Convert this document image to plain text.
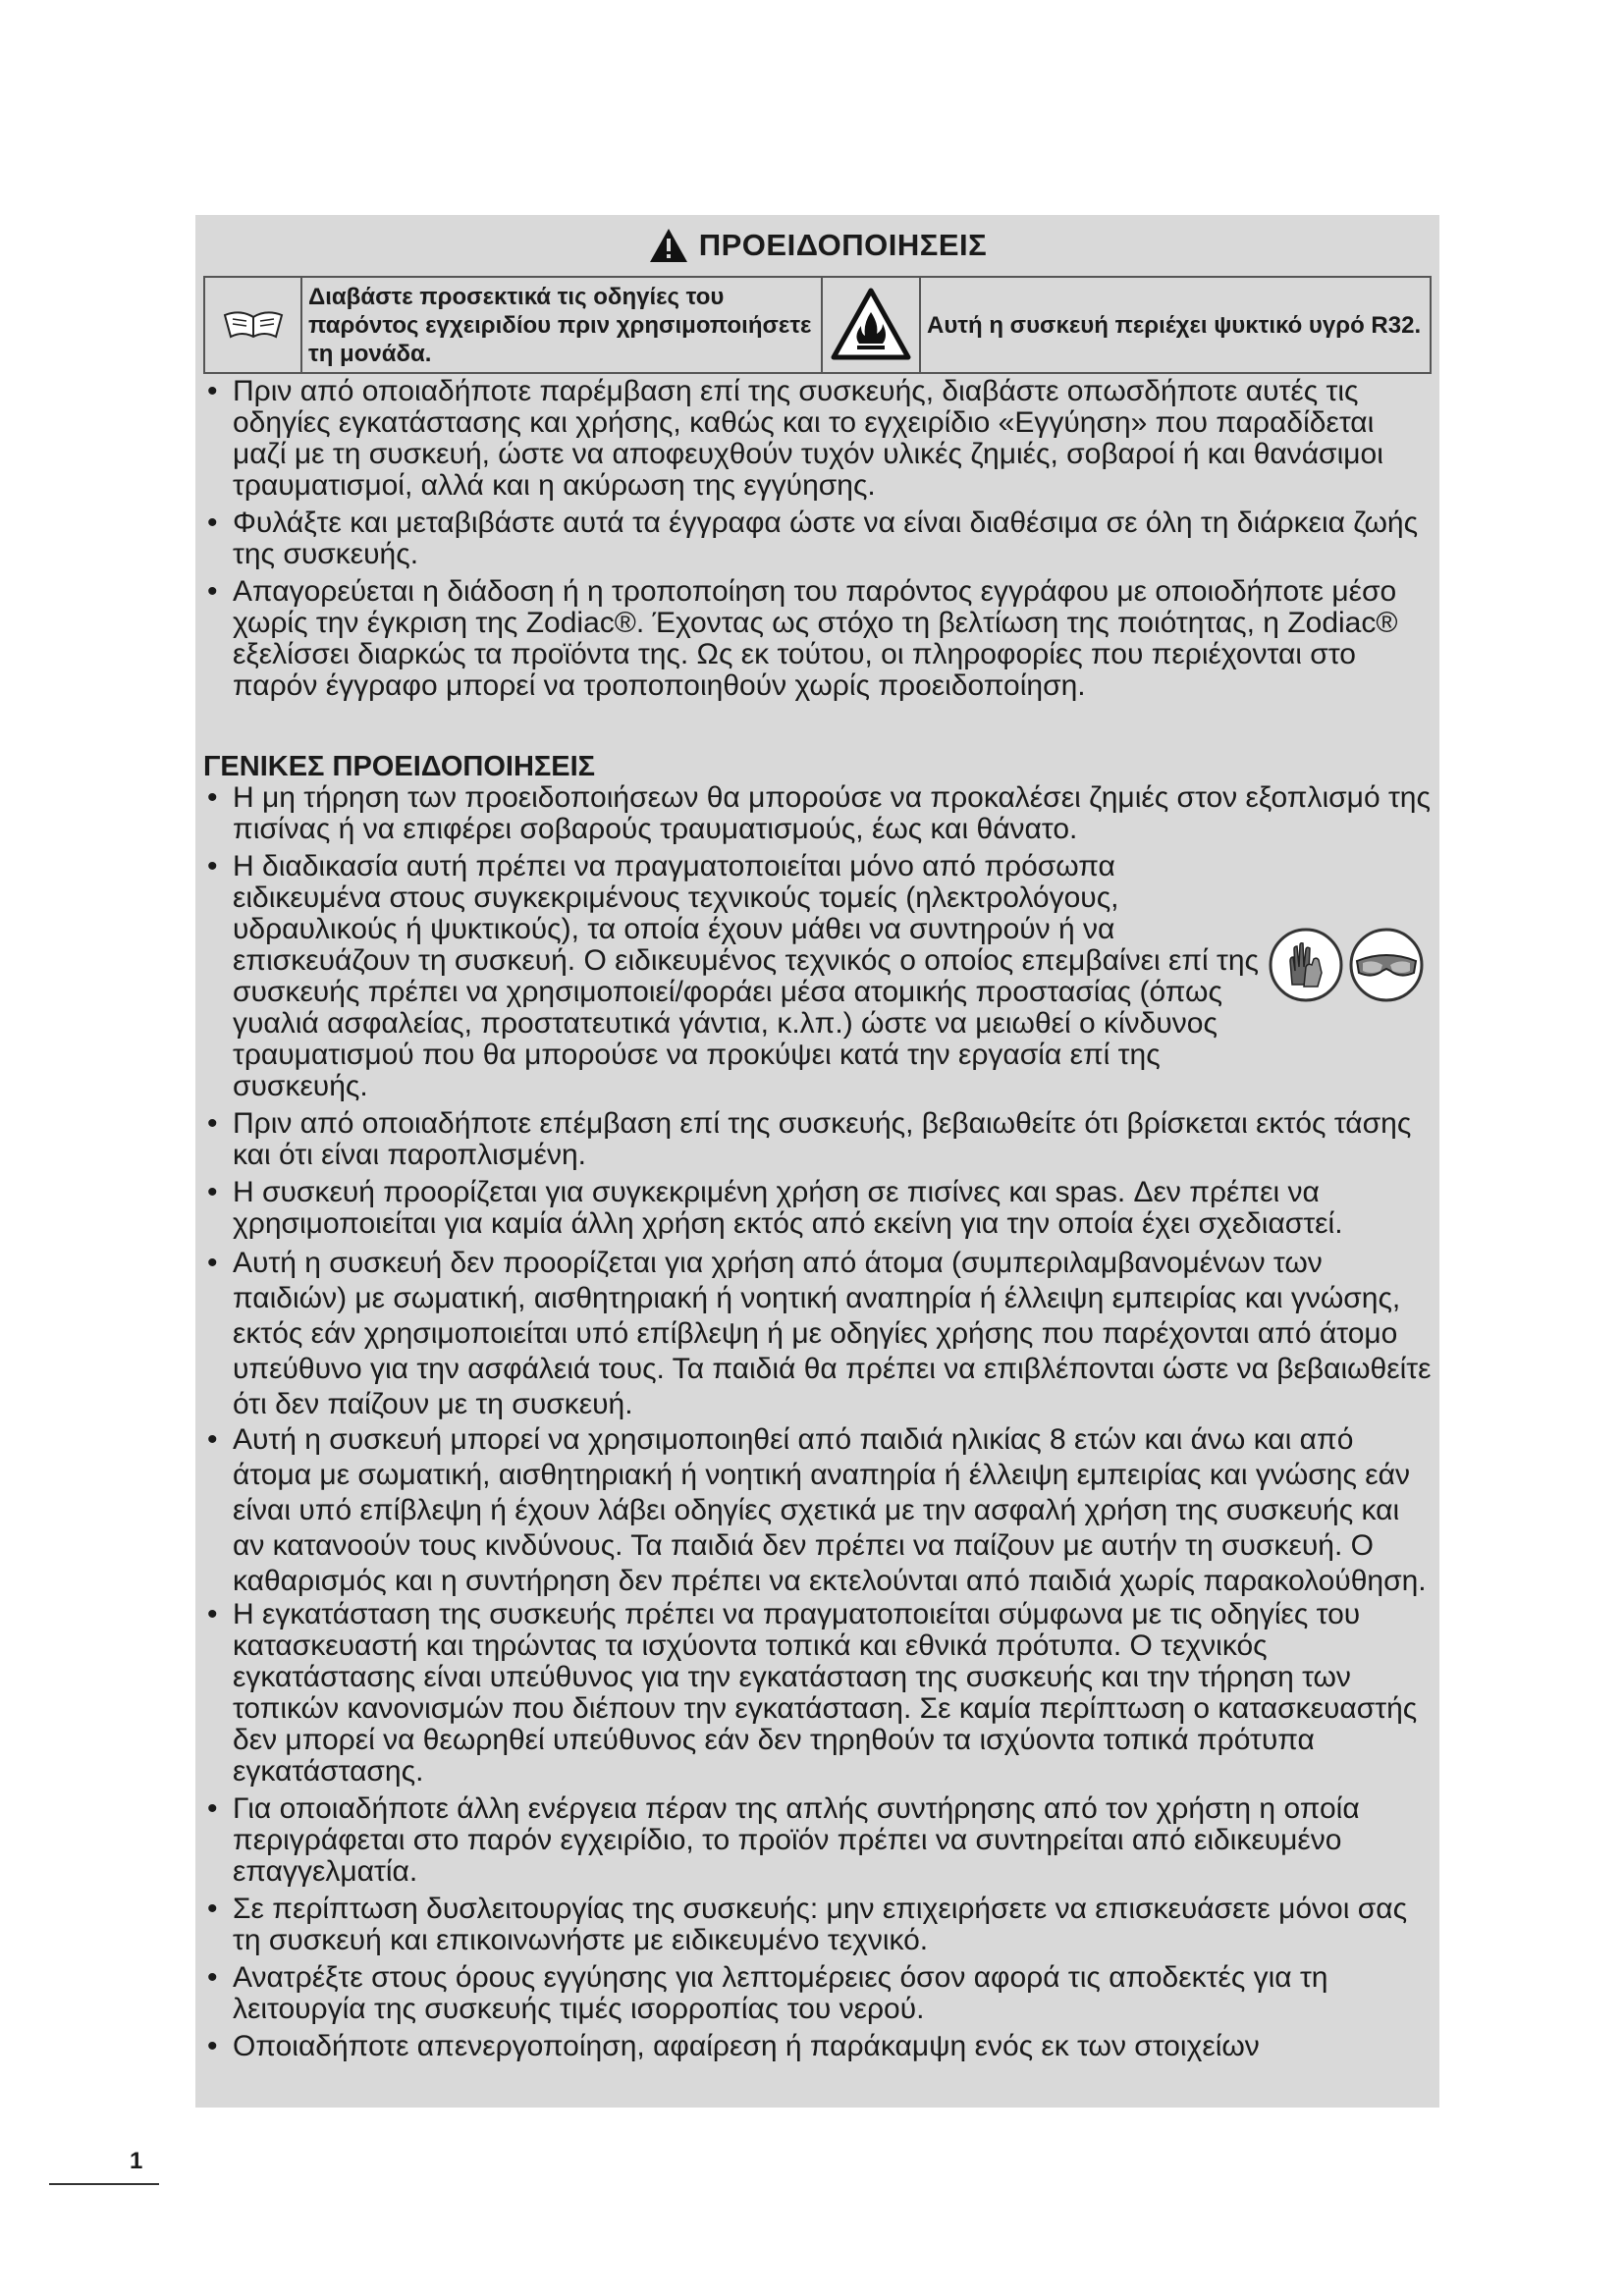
ΠΡΟΕΙΔΟΠΟΙΗΣΕΙΣ
Διαβάστε προσεκτικά τις οδηγίες του παρόντος εγχειριδίου πριν χρησιμοποιήσετε τη μονάδα.
Αυτή η συσκευή περιέχει ψυκτικό υγρό R32.
• Πριν από οποιαδήποτε παρέμβαση επί της συσκευής, διαβάστε οπωσδήποτε αυτές τις οδηγίες εγκατάστασης και χρήσης, καθώς και το εγχειρίδιο «Εγγύηση» που παραδίδεται μαζί με τη συσκευή, ώστε να αποφευχθούν τυχόν υλικές ζημιές, σοβαροί ή και θανάσιμοι τραυματισμοί, αλλά και η ακύρωση της εγγύησης.
• Φυλάξτε και μεταβιβάστε αυτά τα έγγραφα ώστε να είναι διαθέσιμα σε όλη τη διάρκεια ζωής της συσκευής.
• Απαγορεύεται η διάδοση ή η τροποποίηση του παρόντος εγγράφου με οποιοδήποτε μέσο χωρίς την έγκριση της Zodiac®. Έχοντας ως στόχο τη βελτίωση της ποιότητας, η Zodiac® εξελίσσει διαρκώς τα προϊόντα της. Ως εκ τούτου, οι πληροφορίες που περιέχονται στο παρόν έγγραφο μπορεί να τροποποιηθούν χωρίς προειδοποίηση.
ΓΕΝΙΚΕΣ ΠΡΟΕΙΔΟΠΟΙΗΣΕΙΣ
• Η μη τήρηση των προειδοποιήσεων θα μπορούσε να προκαλέσει ζημιές στον εξοπλισμό της πισίνας ή να επιφέρει σοβαρούς τραυματισμούς, έως και θάνατο.
• Η διαδικασία αυτή πρέπει να πραγματοποιείται μόνο από πρόσωπα ειδικευμένα στους συγκεκριμένους τεχνικούς τομείς (ηλεκτρολόγους, υδραυλικούς ή ψυκτικούς), τα οποία έχουν μάθει να συντηρούν ή να επισκευάζουν τη συσκευή. Ο ειδικευμένος τεχνικός ο οποίος επεμβαίνει επί της συσκευής πρέπει να χρησιμοποιεί/φοράει μέσα ατομικής προστασίας (όπως γυαλιά ασφαλείας, προστατευτικά γάντια, κ.λπ.) ώστε να μειωθεί ο κίνδυνος τραυματισμού που θα μπορούσε να προκύψει κατά την εργασία επί της συσκευής.
• Πριν από οποιαδήποτε επέμβαση επί της συσκευής, βεβαιωθείτε ότι βρίσκεται εκτός τάσης και ότι είναι παροπλισμένη.
• Η συσκευή προορίζεται για συγκεκριμένη χρήση σε πισίνες και spas. Δεν πρέπει να χρησιμοποιείται για καμία άλλη χρήση εκτός από εκείνη για την οποία έχει σχεδιαστεί.
• Αυτή η συσκευή δεν προορίζεται για χρήση από άτομα (συμπεριλαμβανομένων των παιδιών) με σωματική, αισθητηριακή ή νοητική αναπηρία ή έλλειψη εμπειρίας και γνώσης, εκτός εάν χρησιμοποιείται υπό επίβλεψη ή με οδηγίες χρήσης που παρέχονται από άτομο υπεύθυνο για την ασφάλειά τους. Τα παιδιά θα πρέπει να επιβλέπονται ώστε να βεβαιωθείτε ότι δεν παίζουν με τη συσκευή.
• Αυτή η συσκευή μπορεί να χρησιμοποιηθεί από παιδιά ηλικίας 8 ετών και άνω και από άτομα με σωματική, αισθητηριακή ή νοητική αναπηρία ή έλλειψη εμπειρίας και γνώσης εάν είναι υπό επίβλεψη ή έχουν λάβει οδηγίες σχετικά με την ασφαλή χρήση της συσκευής και αν κατανοούν τους κινδύνους. Τα παιδιά δεν πρέπει να παίζουν με αυτήν τη συσκευή. Ο καθαρισμός και η συντήρηση δεν πρέπει να εκτελούνται από παιδιά χωρίς παρακολούθηση.
• Η εγκατάσταση της συσκευής πρέπει να πραγματοποιείται σύμφωνα με τις οδηγίες του κατασκευαστή και τηρώντας τα ισχύοντα τοπικά και εθνικά πρότυπα. Ο τεχνικός εγκατάστασης είναι υπεύθυνος για την εγκατάσταση της συσκευής και την τήρηση των τοπικών κανονισμών που διέπουν την εγκατάσταση. Σε καμία περίπτωση ο κατασκευαστής δεν μπορεί να θεωρηθεί υπεύθυνος εάν δεν τηρηθούν τα ισχύοντα τοπικά πρότυπα εγκατάστασης.
• Για οποιαδήποτε άλλη ενέργεια πέραν της απλής συντήρησης από τον χρήστη η οποία περιγράφεται στο παρόν εγχειρίδιο, το προϊόν πρέπει να συντηρείται από ειδικευμένο επαγγελματία.
• Σε περίπτωση δυσλειτουργίας της συσκευής: μην επιχειρήσετε να επισκευάσετε μόνοι σας τη συσκευή και επικοινωνήστε με ειδικευμένο τεχνικό.
• Ανατρέξτε στους όρους εγγύησης για λεπτομέρειες όσον αφορά τις αποδεκτές για τη λειτουργία της συσκευής τιμές ισορροπίας του νερού.
• Οποιαδήποτε απενεργοποίηση, αφαίρεση ή παράκαμψη ενός εκ των στοιχείων
1
